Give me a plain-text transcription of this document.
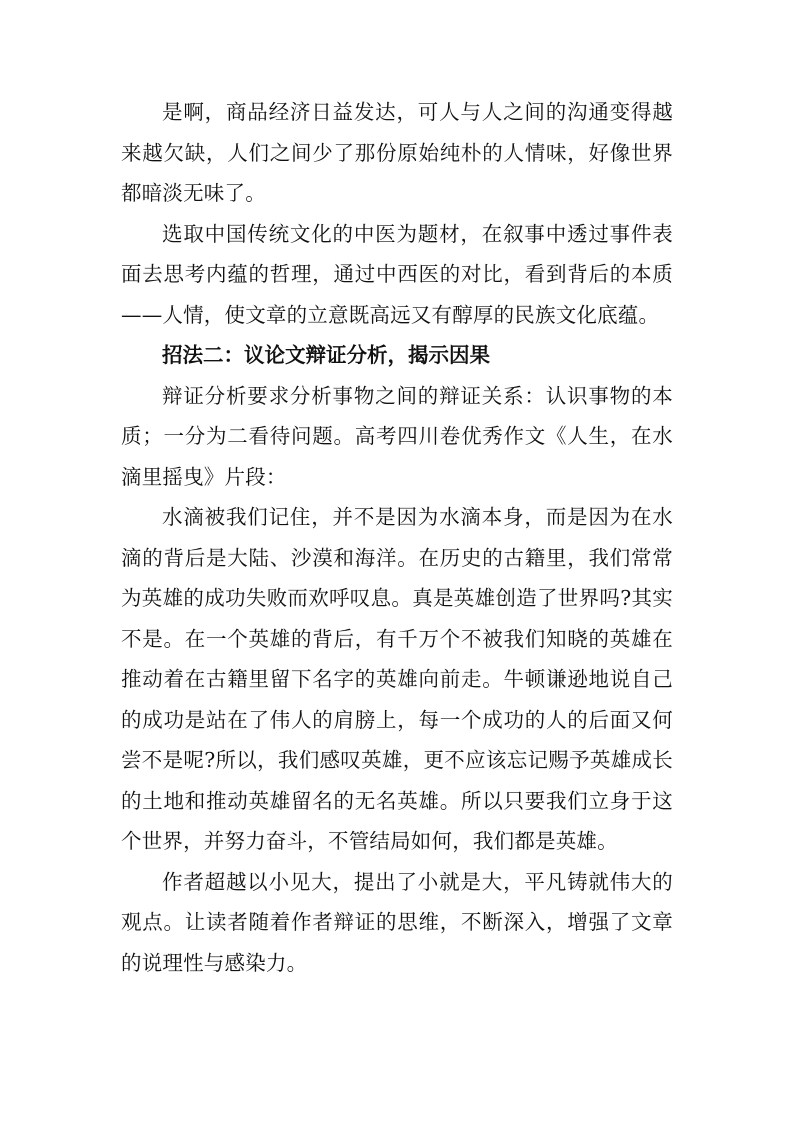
是啊，商品经济日益发达，可人与人之间的沟通变得越来越欠缺，人们之间少了那份原始纯朴的人情味，好像世界都暗淡无味了。

选取中国传统文化的中医为题材，在叙事中透过事件表面去思考内蕴的哲理，通过中西医的对比，看到背后的本质——人情，使文章的立意既高远又有醇厚的民族文化底蕴。

招法二：议论文辩证分析，揭示因果

辩证分析要求分析事物之间的辩证关系：认识事物的本质；一分为二看待问题。高考四川卷优秀作文《人生，在水滴里摇曳》片段：

水滴被我们记住，并不是因为水滴本身，而是因为在水滴的背后是大陆、沙漠和海洋。在历史的古籍里，我们常常为英雄的成功失败而欢呼叹息。真是英雄创造了世界吗?其实不是。在一个英雄的背后，有千万个不被我们知晓的英雄在推动着在古籍里留下名字的英雄向前走。牛顿谦逊地说自己的成功是站在了伟人的肩膀上，每一个成功的人的后面又何尝不是呢?所以，我们感叹英雄，更不应该忘记赐予英雄成长的土地和推动英雄留名的无名英雄。所以只要我们立身于这个世界，并努力奋斗，不管结局如何，我们都是英雄。

作者超越以小见大，提出了小就是大，平凡铸就伟大的观点。让读者随着作者辩证的思维，不断深入，增强了文章的说理性与感染力。
